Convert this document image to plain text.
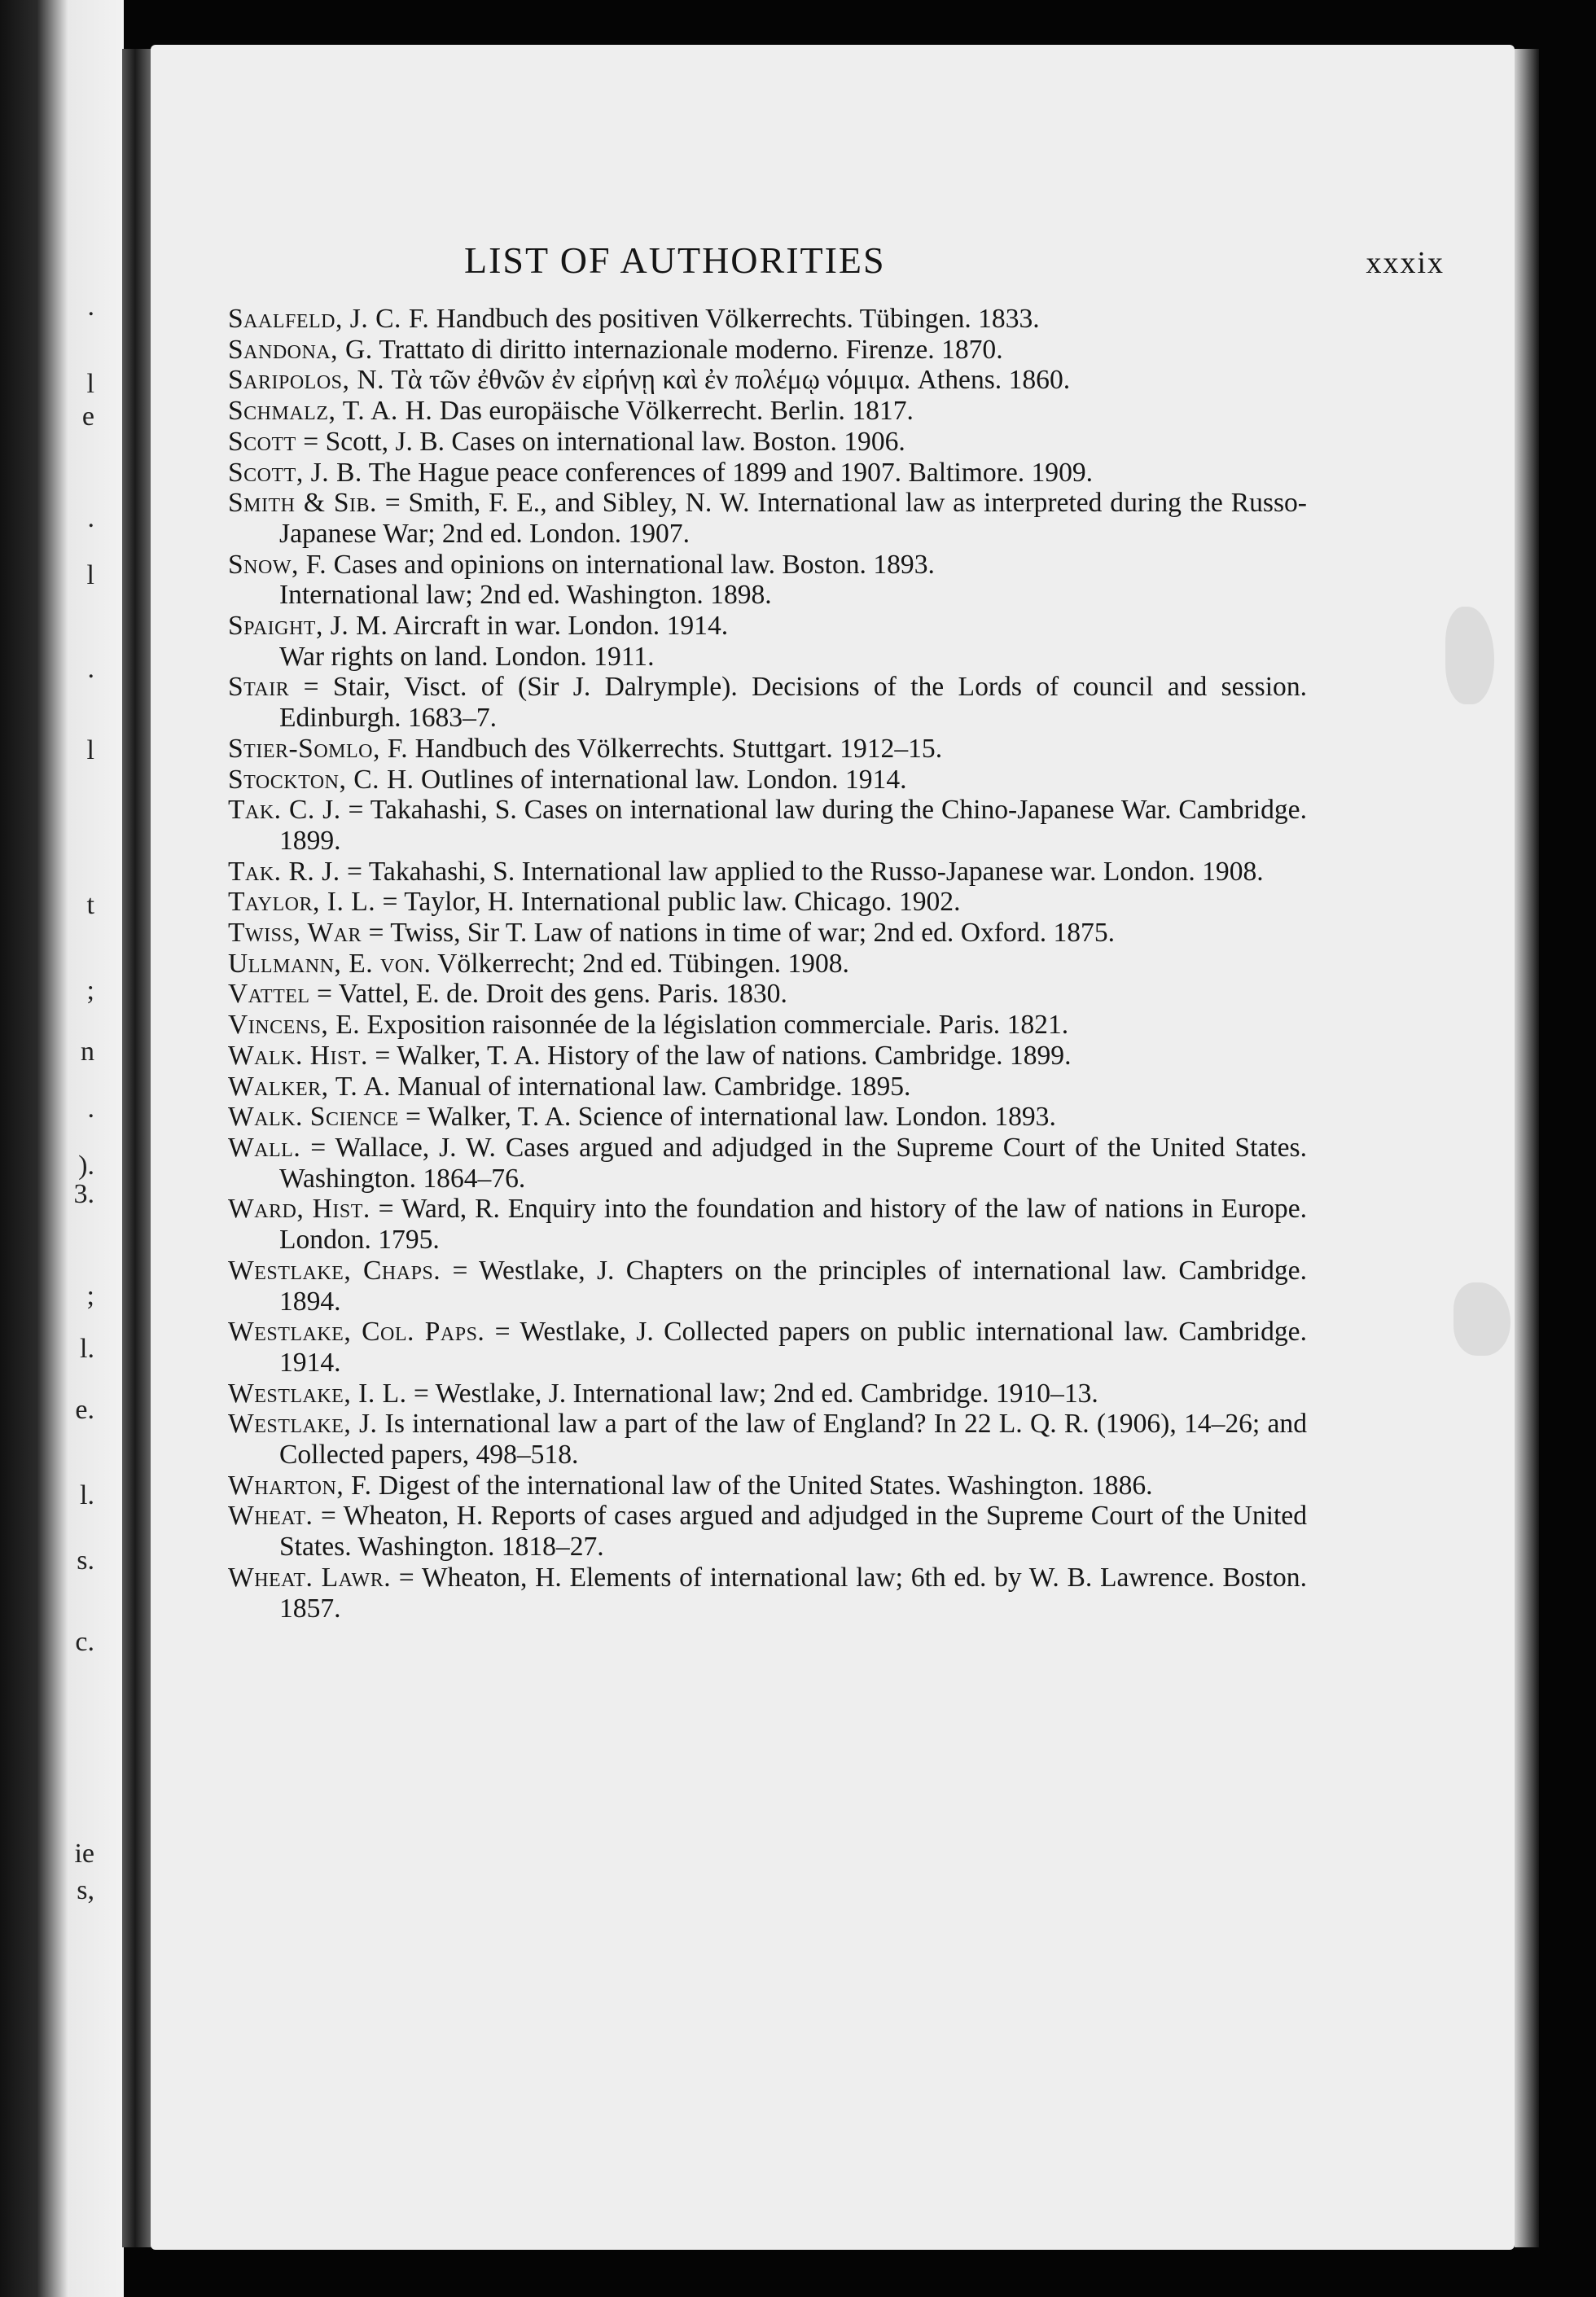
.
l
e
.
l
.
l
t
;
n
.
).
3.
;
l.
e.
l.
s.
c.
ie
s,
LIST OF AUTHORITIES	xxxix
Saalfeld, J. C. F. Handbuch des positiven Völkerrechts. Tübingen. 1833.
Sandona, G. Trattato di diritto internazionale moderno. Firenze. 1870.
Saripolos, N. Τὰ τῶν ἐθνῶν ἐν εἰρήνῃ καὶ ἐν πολέμῳ νόμιμα. Athens. 1860.
Schmalz, T. A. H. Das europäische Völkerrecht. Berlin. 1817.
Scott = Scott, J. B. Cases on international law. Boston. 1906.
Scott, J. B. The Hague peace conferences of 1899 and 1907. Baltimore. 1909.
Smith & Sib. = Smith, F. E., and Sibley, N. W. International law as interpreted during the Russo-Japanese War; 2nd ed. London. 1907.
Snow, F. Cases and opinions on international law. Boston. 1893.
International law; 2nd ed. Washington. 1898.
Spaight, J. M. Aircraft in war. London. 1914.
War rights on land. London. 1911.
Stair = Stair, Visct. of (Sir J. Dalrymple). Decisions of the Lords of council and session. Edinburgh. 1683–7.
Stier-Somlo, F. Handbuch des Völkerrechts. Stuttgart. 1912–15.
Stockton, C. H. Outlines of international law. London. 1914.
Tak. C. J. = Takahashi, S. Cases on international law during the Chino-Japanese War. Cambridge. 1899.
Tak. R. J. = Takahashi, S. International law applied to the Russo-Japanese war. London. 1908.
Taylor, I. L. = Taylor, H. International public law. Chicago. 1902.
Twiss, War = Twiss, Sir T. Law of nations in time of war; 2nd ed. Oxford. 1875.
Ullmann, E. von. Völkerrecht; 2nd ed. Tübingen. 1908.
Vattel = Vattel, E. de. Droit des gens. Paris. 1830.
Vincens, E. Exposition raisonnée de la législation commerciale. Paris. 1821.
Walk. Hist. = Walker, T. A. History of the law of nations. Cambridge. 1899.
Walker, T. A. Manual of international law. Cambridge. 1895.
Walk. Science = Walker, T. A. Science of international law. London. 1893.
Wall. = Wallace, J. W. Cases argued and adjudged in the Supreme Court of the United States. Washington. 1864–76.
Ward, Hist. = Ward, R. Enquiry into the foundation and history of the law of nations in Europe. London. 1795.
Westlake, Chaps. = Westlake, J. Chapters on the principles of international law. Cambridge. 1894.
Westlake, Col. Paps. = Westlake, J. Collected papers on public international law. Cambridge. 1914.
Westlake, I. L. = Westlake, J. International law; 2nd ed. Cambridge. 1910–13.
Westlake, J. Is international law a part of the law of England? In 22 L. Q. R. (1906), 14–26; and Collected papers, 498–518.
Wharton, F. Digest of the international law of the United States. Washington. 1886.
Wheat. = Wheaton, H. Reports of cases argued and adjudged in the Supreme Court of the United States. Washington. 1818–27.
Wheat. Lawr. = Wheaton, H. Elements of international law; 6th ed. by W. B. Lawrence. Boston. 1857.
